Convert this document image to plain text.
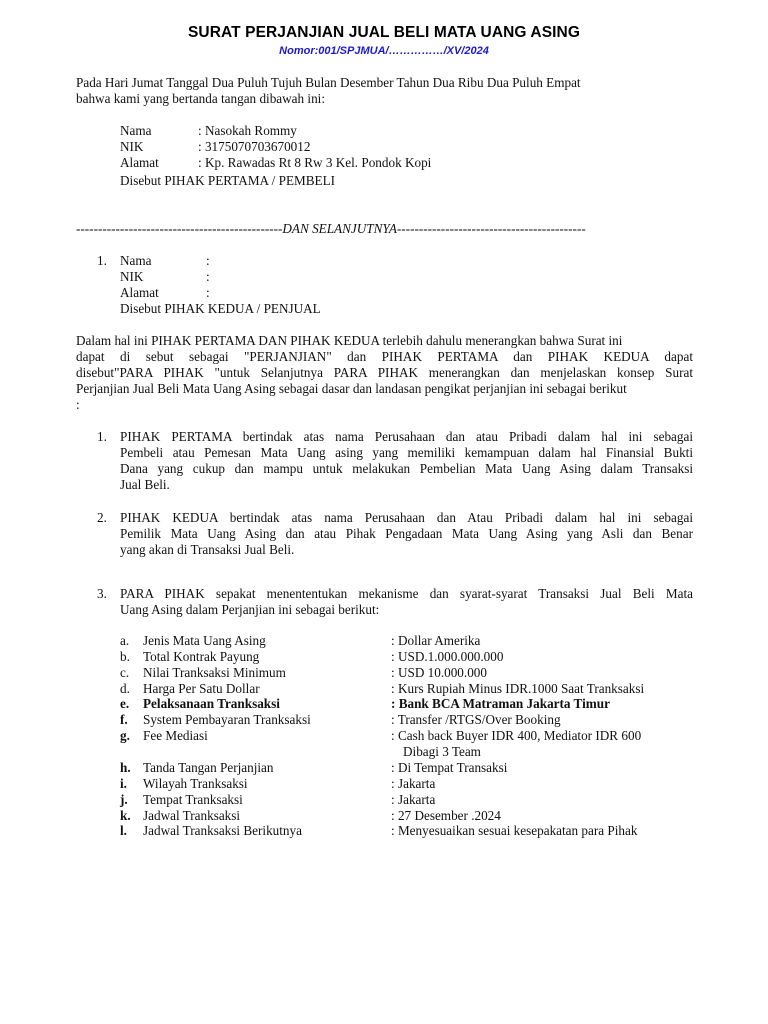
SURAT PERJANJIAN JUAL BELI MATA UANG ASING
Nomor:001/SPJMUA/……………/XV/2024
Pada Hari Jumat Tanggal Dua Puluh Tujuh Bulan Desember Tahun Dua Ribu Dua Puluh Empat
bahwa kami yang bertanda tangan dibawah ini:
Nama	: Nasokah Rommy
NIK	: 3175070703670012
Alamat	: Kp. Rawadas Rt 8 Rw 3 Kel. Pondok Kopi
Disebut PIHAK PERTAMA / PEMBELI
-----------------------------------------------DAN SELANJUTNYA-------------------------------------------
1. Nama	:
NIK	:
Alamat	:
Disebut PIHAK KEDUA / PENJUAL
Dalam hal ini PIHAK PERTAMA DAN PIHAK KEDUA terlebih dahulu menerangkan bahwa Surat ini
dapat di sebut sebagai "PERJANJIAN" dan PIHAK PERTAMA dan PIHAK KEDUA dapat
disebut"PARA PIHAK "untuk Selanjutnya PARA PIHAK menerangkan dan menjelaskan konsep Surat
Perjanjian Jual Beli Mata Uang Asing sebagai dasar dan landasan pengikat perjanjian ini sebagai berikut
:
1. PIHAK PERTAMA bertindak atas nama Perusahaan dan atau Pribadi dalam hal ini sebagai
Pembeli atau Pemesan Mata Uang asing yang memiliki kemampuan dalam hal Finansial Bukti
Dana yang cukup dan mampu untuk melakukan Pembelian Mata Uang Asing dalam Transaksi
Jual Beli.
2. PIHAK KEDUA bertindak atas nama Perusahaan dan Atau Pribadi dalam hal ini sebagai
Pemilik Mata Uang Asing dan atau Pihak Pengadaan Mata Uang Asing yang Asli dan Benar
yang akan di Transaksi Jual Beli.
3. PARA PIHAK sepakat menententukan mekanisme dan syarat-syarat Transaksi Jual Beli Mata
Uang Asing dalam Perjanjian ini sebagai berikut:
a. Jenis Mata Uang Asing	: Dollar Amerika
b. Total Kontrak Payung	: USD.1.000.000.000
c. Nilai Tranksaksi Minimum	: USD 10.000.000
d. Harga Per Satu Dollar	: Kurs Rupiah Minus IDR.1000 Saat Tranksaksi
e. Pelaksanaan Tranksaksi	: Bank BCA Matraman Jakarta Timur
f. System Pembayaran Tranksaksi	: Transfer /RTGS/Over Booking
g. Fee Mediasi	: Cash back Buyer IDR 400, Mediator IDR 600
Dibagi 3 Team
h. Tanda Tangan Perjanjian	: Di Tempat Transaksi
i. Wilayah Tranksaksi	: Jakarta
j. Tempat Tranksaksi	: Jakarta
k. Jadwal Tranksaksi	: 27 Desember .2024
l. Jadwal Tranksaksi Berikutnya	: Menyesuaikan sesuai kesepakatan para Pihak
